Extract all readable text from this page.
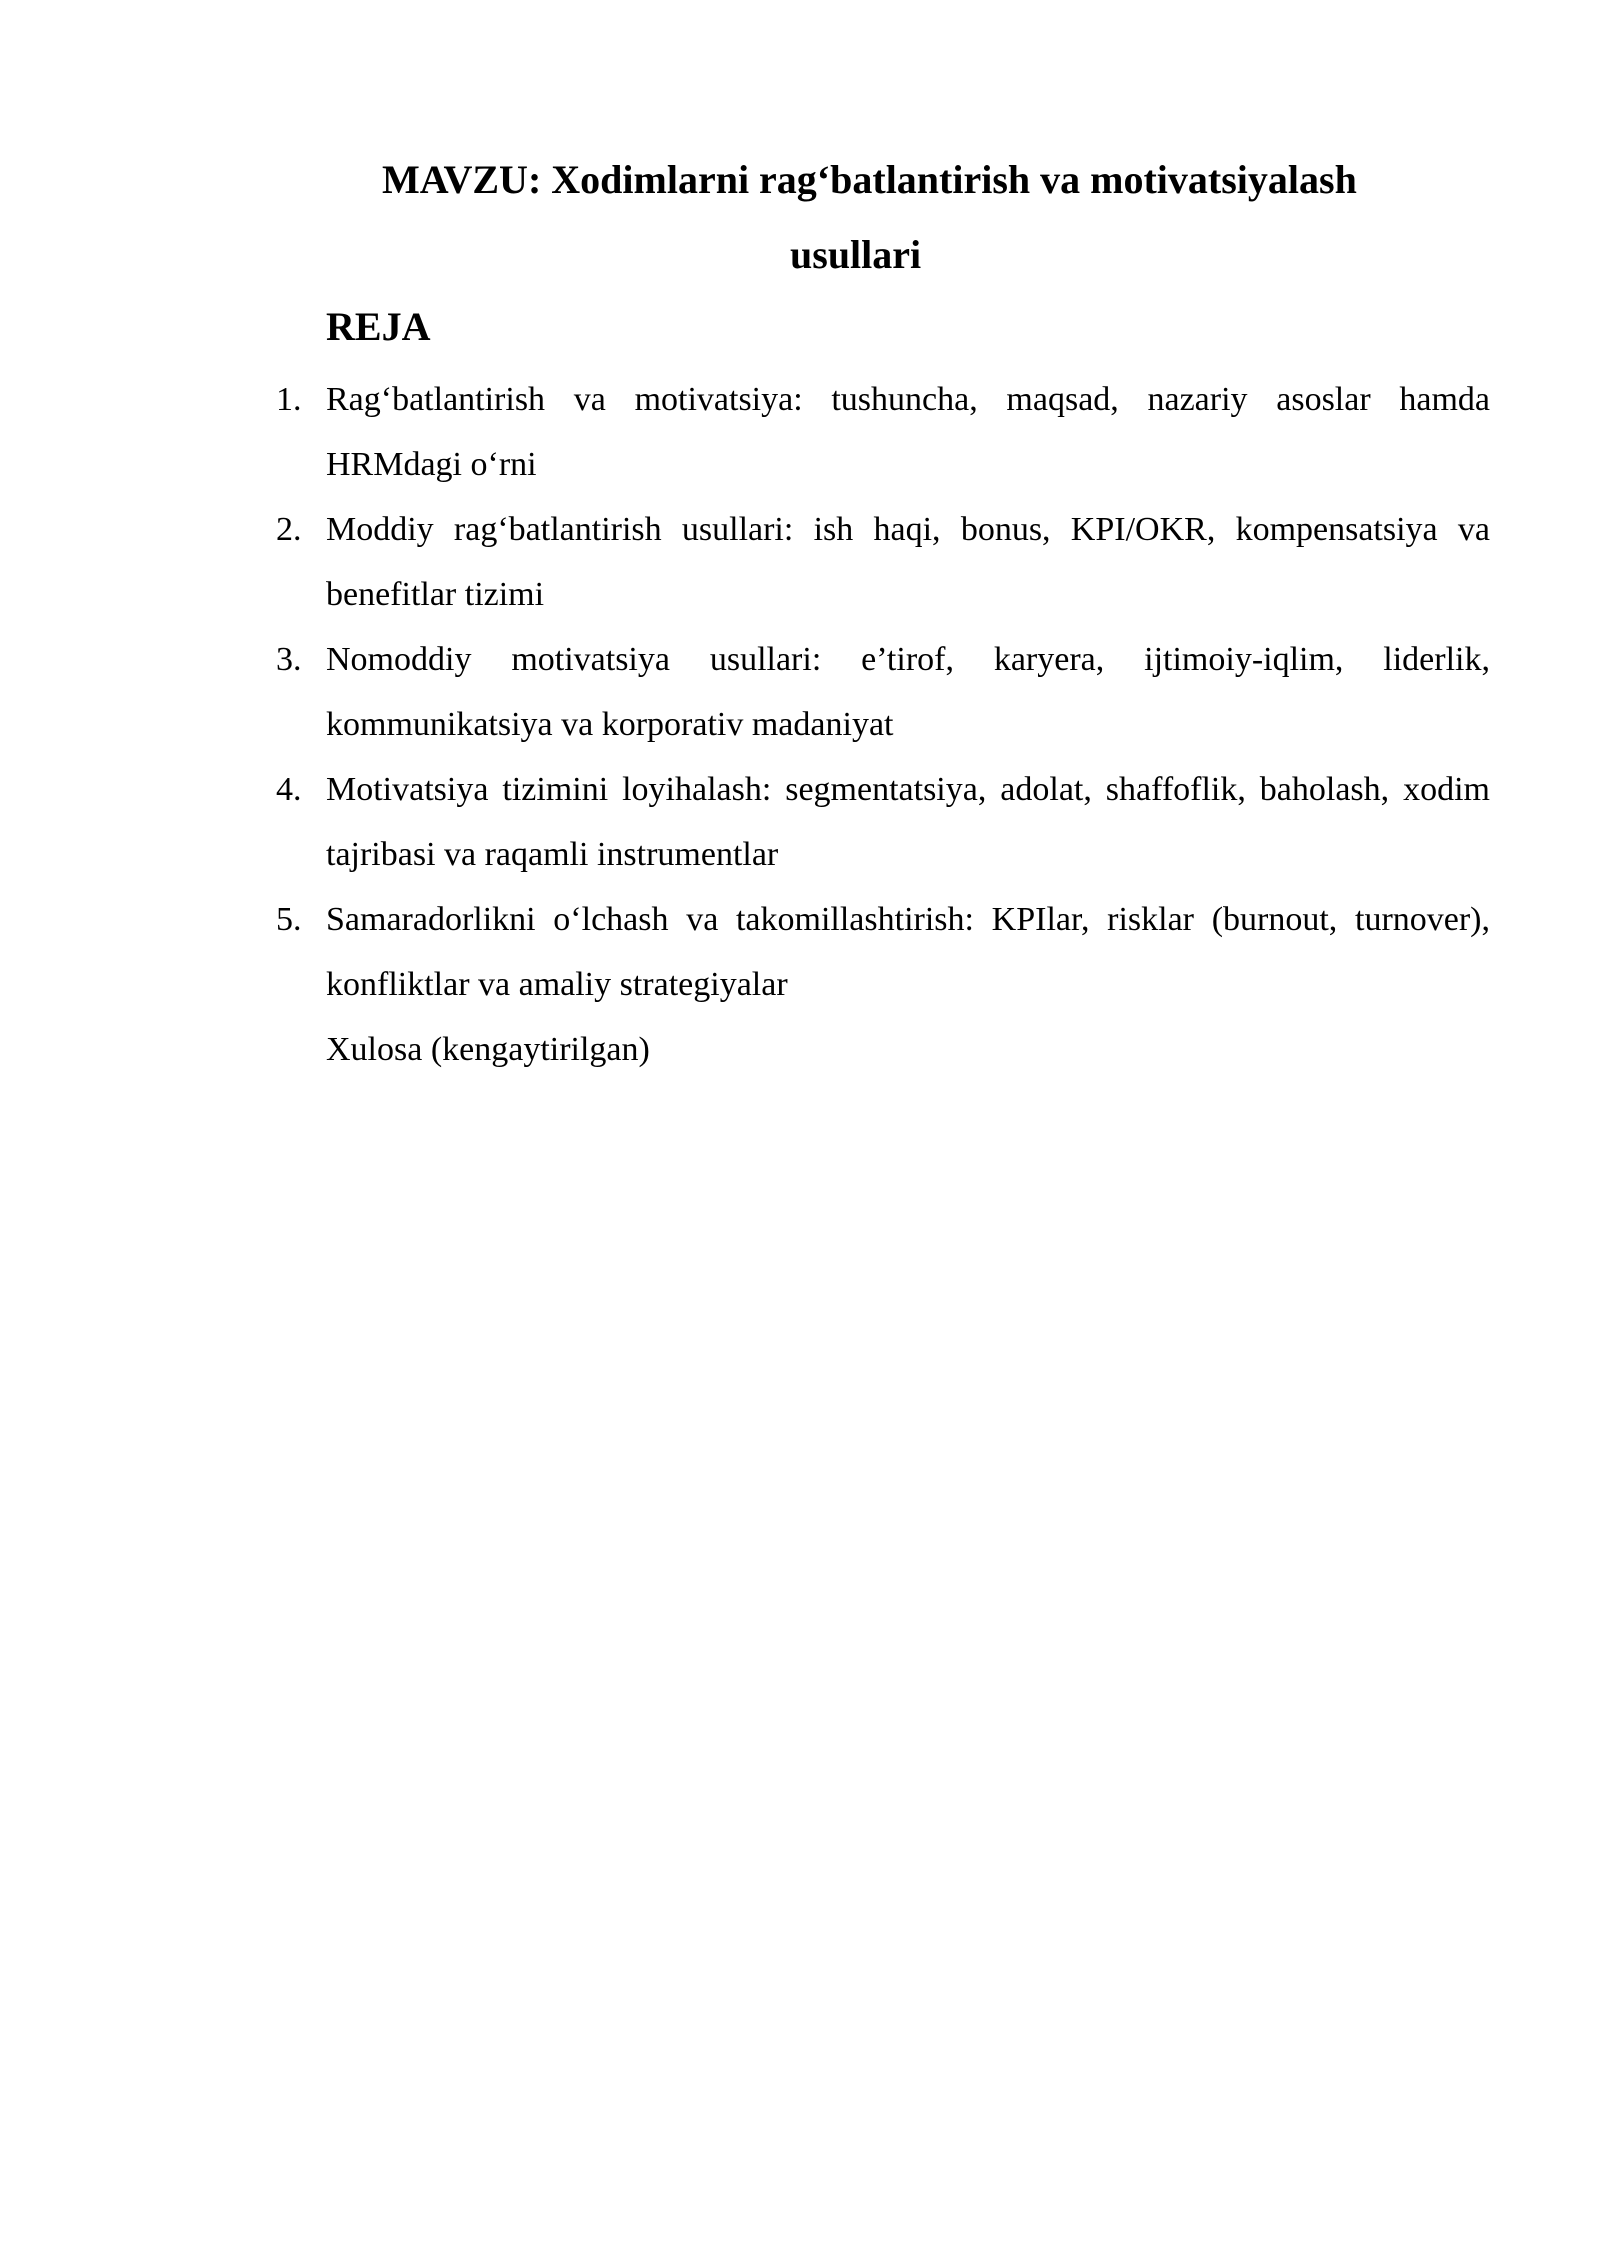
MAVZU: Xodimlarni rag‘batlantirish va motivatsiyalash
usullari
REJA
1. Rag‘batlantirish va motivatsiya: tushuncha, maqsad, nazariy asoslar hamda HRMdagi o‘rni
2. Moddiy rag‘batlantirish usullari: ish haqi, bonus, KPI/OKR, kompensatsiya va benefitlar tizimi
3. Nomoddiy motivatsiya usullari: e’tirof, karyera, ijtimoiy-iqlim, liderlik, kommunikatsiya va korporativ madaniyat
4. Motivatsiya tizimini loyihalash: segmentatsiya, adolat, shaffoflik, baholash, xodim tajribasi va raqamli instrumentlar
5. Samaradorlikni o‘lchash va takomillashtirish: KPIlar, risklar (burnout, turnover), konfliktlar va amaliy strategiyalar

Xulosa (kengaytirilgan)
